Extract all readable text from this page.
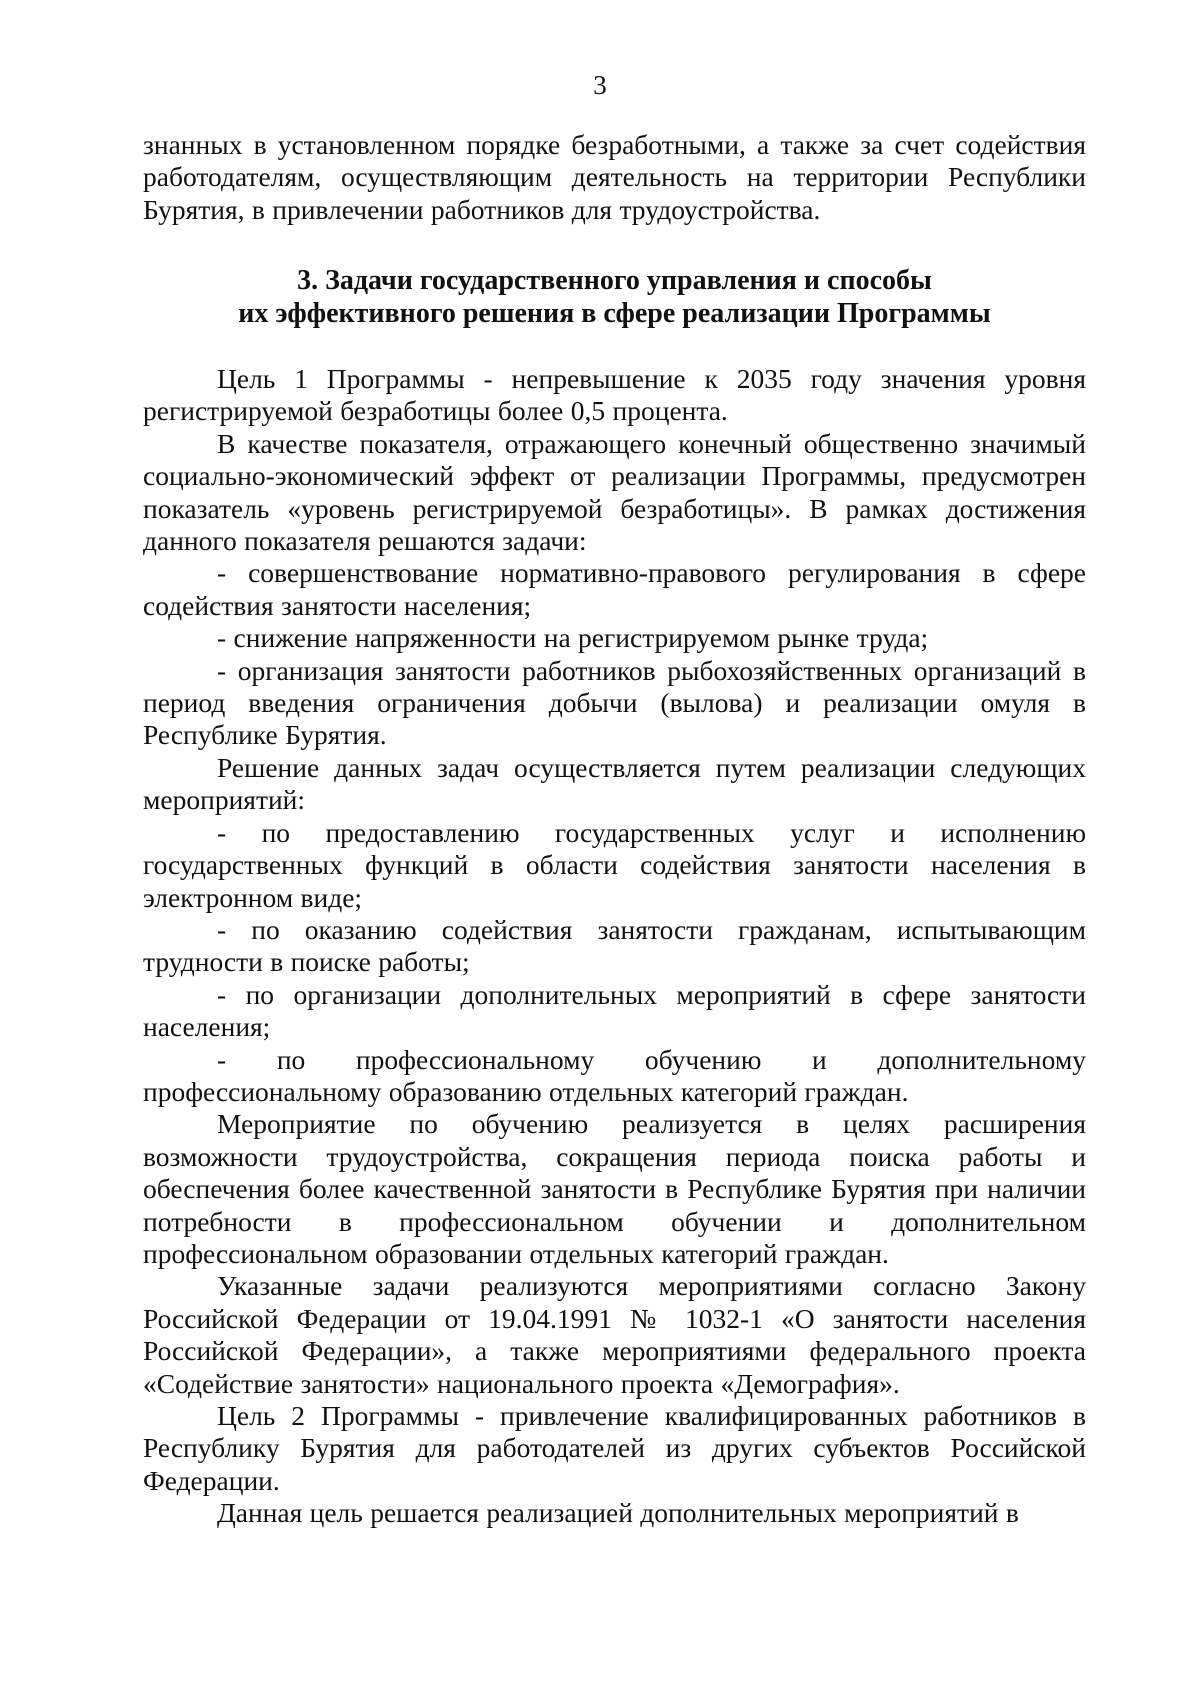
3

знанных в установленном порядке безработными, а также за счет содействия работодателям, осуществляющим деятельность на территории Республики Бурятия, в привлечении работников для трудоустройства.

3. Задачи государственного управления и способы
их эффективного решения в сфере реализации Программы

Цель 1 Программы - непревышение к 2035 году значения уровня регистрируемой безработицы более 0,5 процента.

В качестве показателя, отражающего конечный общественно значимый социально-экономический эффект от реализации Программы, предусмотрен показатель «уровень регистрируемой безработицы». В рамках достижения данного показателя решаются задачи:

- совершенствование нормативно-правового регулирования в сфере содействия занятости населения;

- снижение напряженности на регистрируемом рынке труда;

- организация занятости работников рыбохозяйственных организаций в период введения ограничения добычи (вылова) и реализации омуля в Республике Бурятия.

Решение данных задач осуществляется путем реализации следующих мероприятий:

- по предоставлению государственных услуг и исполнению государственных функций в области содействия занятости населения в электронном виде;

- по оказанию содействия занятости гражданам, испытывающим трудности в поиске работы;

- по организации дополнительных мероприятий в сфере занятости населения;

- по профессиональному обучению и дополнительному профессиональному образованию отдельных категорий граждан.

Мероприятие по обучению реализуется в целях расширения возможности трудоустройства, сокращения периода поиска работы и обеспечения более качественной занятости в Республике Бурятия при наличии потребности в профессиональном обучении и дополнительном профессиональном образовании отдельных категорий граждан.

Указанные задачи реализуются мероприятиями согласно Закону Российской Федерации от 19.04.1991 № 1032-1 «О занятости населения Российской Федерации», а также мероприятиями федерального проекта «Содействие занятости» национального проекта «Демография».

Цель 2 Программы - привлечение квалифицированных работников в Республику Бурятия для работодателей из других субъектов Российской Федерации.

Данная цель решается реализацией дополнительных мероприятий в
